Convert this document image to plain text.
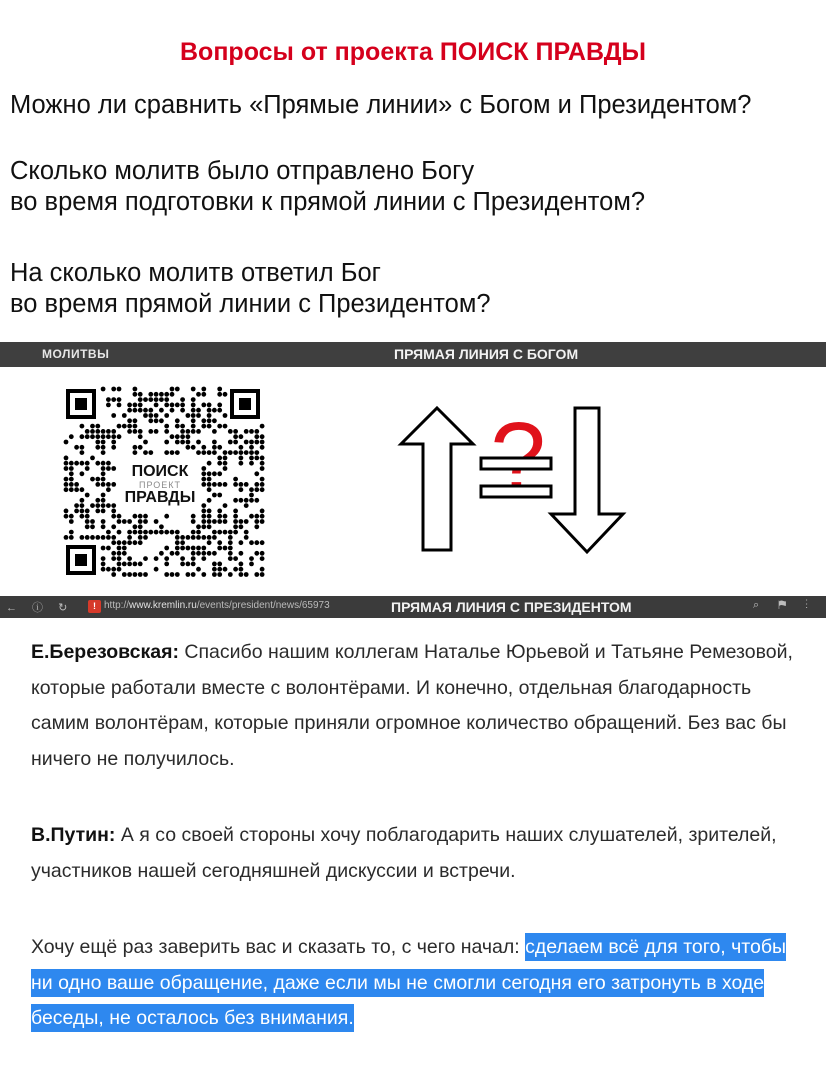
Вопросы от проекта ПОИСК ПРАВДЫ
Можно ли сравнить «Прямые линии» с Богом и Президентом?
Сколько молитв было отправлено Богу
во время подготовки к прямой линии с Президентом?
На сколько молитв ответил Бог
во время прямой линии с Президентом?
МОЛИТВЫ	ПРЯМАЯ ЛИНИЯ С БОГОМ
ПОИСК
ПРОЕКТ
ПРАВДЫ
← ⓘ ↻	! http://www.kremlin.ru/events/president/news/65973	ПРЯМАЯ ЛИНИЯ С ПРЕЗИДЕНТОМ	⌕ ⚑ ⋮
Е.Березовская: Спасибо нашим коллегам Наталье Юрьевой и Татьяне Ремезовой, которые работали вместе с волонтёрами. И конечно, отдельная благодарность самим волонтёрам, которые приняли огромное количество обращений. Без вас бы ничего не получилось.
В.Путин: А я со своей стороны хочу поблагодарить наших слушателей, зрителей, участников нашей сегодняшней дискуссии и встречи.
Хочу ещё раз заверить вас и сказать то, с чего начал: сделаем всё для того, чтобы ни одно ваше обращение, даже если мы не смогли сегодня его затронуть в ходе беседы, не осталось без внимания.
